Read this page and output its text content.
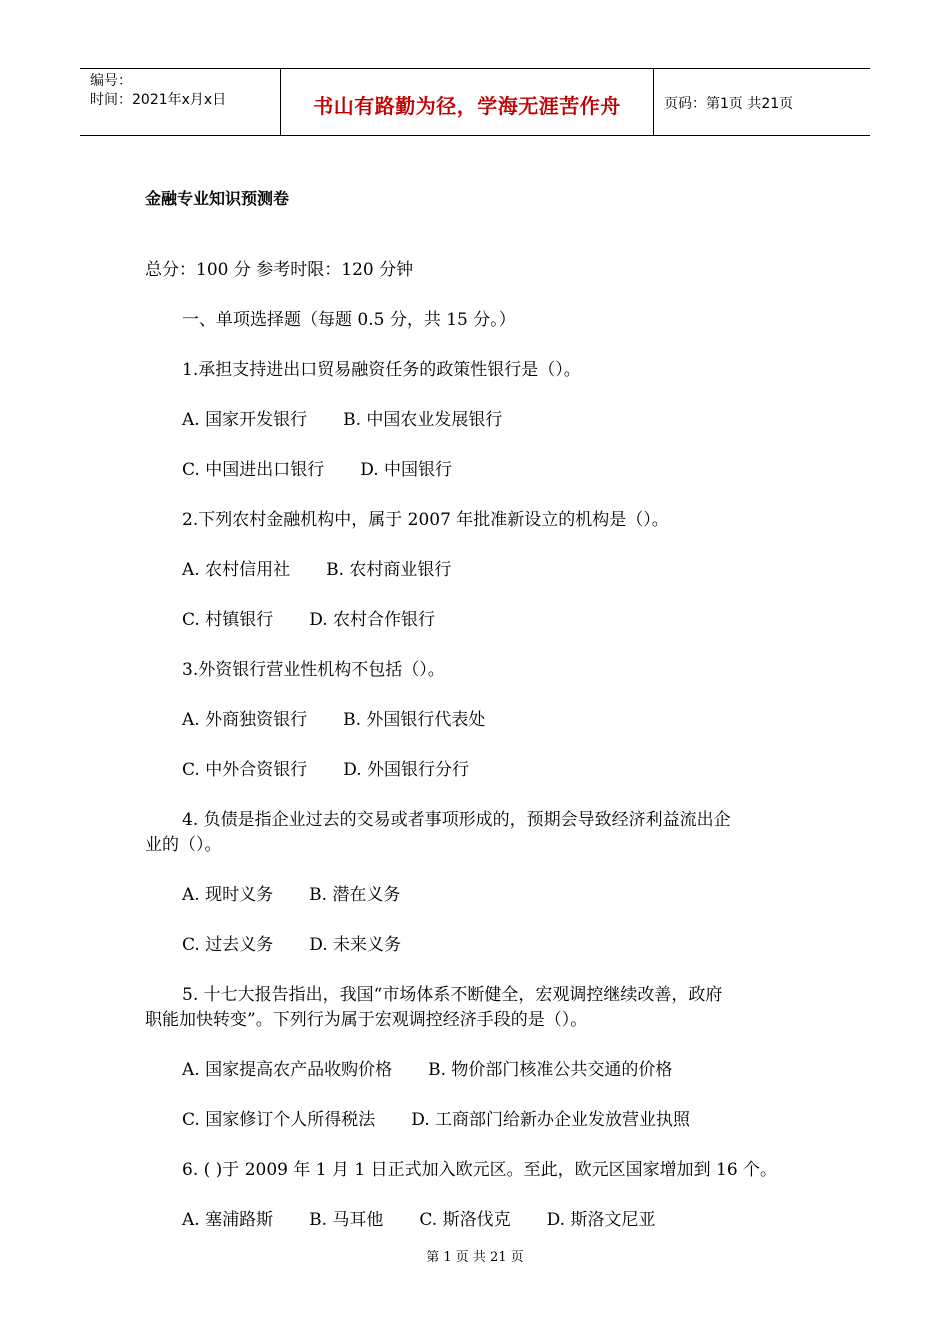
编号：
时间：2021年x月x日	书山有路勤为径，学海无涯苦作舟	页码：第1页 共21页
金融专业知识预测卷
总分：100 分 参考时限：120 分钟
一、单项选择题（每题 0.5 分，共 15 分。）
1.承担支持进出口贸易融资任务的政策性银行是（）。
A. 国家开发银行 B. 中国农业发展银行
C. 中国进出口银行 D. 中国银行
2.下列农村金融机构中，属于 2007 年批准新设立的机构是（）。
A. 农村信用社 B. 农村商业银行
C. 村镇银行 D. 农村合作银行
3.外资银行营业性机构不包括（）。
A. 外商独资银行 B. 外国银行代表处
C. 中外合资银行 D. 外国银行分行
4. 负债是指企业过去的交易或者事项形成的，预期会导致经济利益流出企
业的（）。
A. 现时义务 B. 潜在义务
C. 过去义务 D. 未来义务
5. 十七大报告指出，我国“市场体系不断健全，宏观调控继续改善，政府
职能加快转变”。下列行为属于宏观调控经济手段的是（）。
A. 国家提高农产品收购价格 B. 物价部门核准公共交通的价格
C. 国家修订个人所得税法 D. 工商部门给新办企业发放营业执照
6. ( )于 2009 年 1 月 1 日正式加入欧元区。至此，欧元区国家增加到 16 个。
A. 塞浦路斯 B. 马耳他 C. 斯洛伐克 D. 斯洛文尼亚
第 1 页 共 21 页
